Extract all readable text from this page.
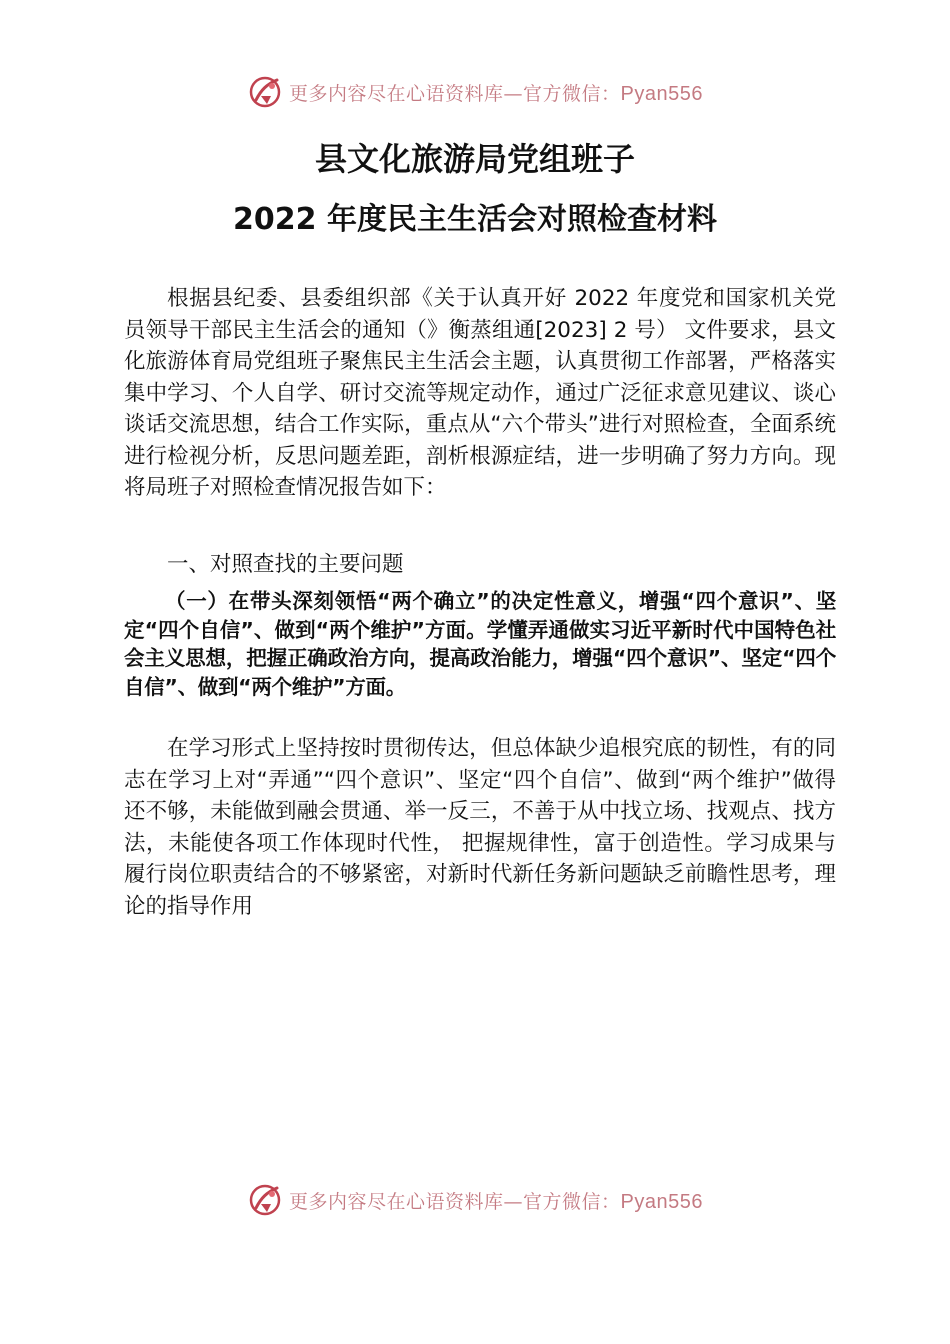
更多内容尽在心语资料库—官方微信：Pyan556
县文化旅游局党组班子
2022 年度民主生活会对照检查材料

根据县纪委、县委组织部《关于认真开好 2022 年度党和国家机关党员领导干部民主生活会的通知（》衡蒸组通[2023] 2 号） 文件要求，县文化旅游体育局党组班子聚焦民主生活会主题，认真贯彻工作部署，严格落实集中学习、个人自学、研讨交流等规定动作，通过广泛征求意见建议、谈心谈话交流思想，结合工作实际，重点从“六个带头”进行对照检查，全面系统进行检视分析，反思问题差距，剖析根源症结，进一步明确了努力方向。现将局班子对照检查情况报告如下：

一、对照查找的主要问题

（一）在带头深刻领悟“两个确立”的决定性意义，增强“四个意识”、坚定“四个自信”、做到“两个维护”方面。学懂弄通做实习近平新时代中国特色社会主义思想，把握正确政治方向，提高政治能力，增强“四个意识”、坚定“四个自信”、做到“两个维护”方面。

在学习形式上坚持按时贯彻传达，但总体缺少追根究底的韧性，有的同志在学习上对“弄通”“四个意识”、坚定“四个自信”、做到“两个维护”做得还不够，未能做到融会贯通、举一反三，不善于从中找立场、找观点、找方法，未能使各项工作体现时代性， 把握规律性，富于创造性。学习成果与履行岗位职责结合的不够紧密，对新时代新任务新问题缺乏前瞻性思考，理论的指导作用

更多内容尽在心语资料库—官方微信：Pyan556
